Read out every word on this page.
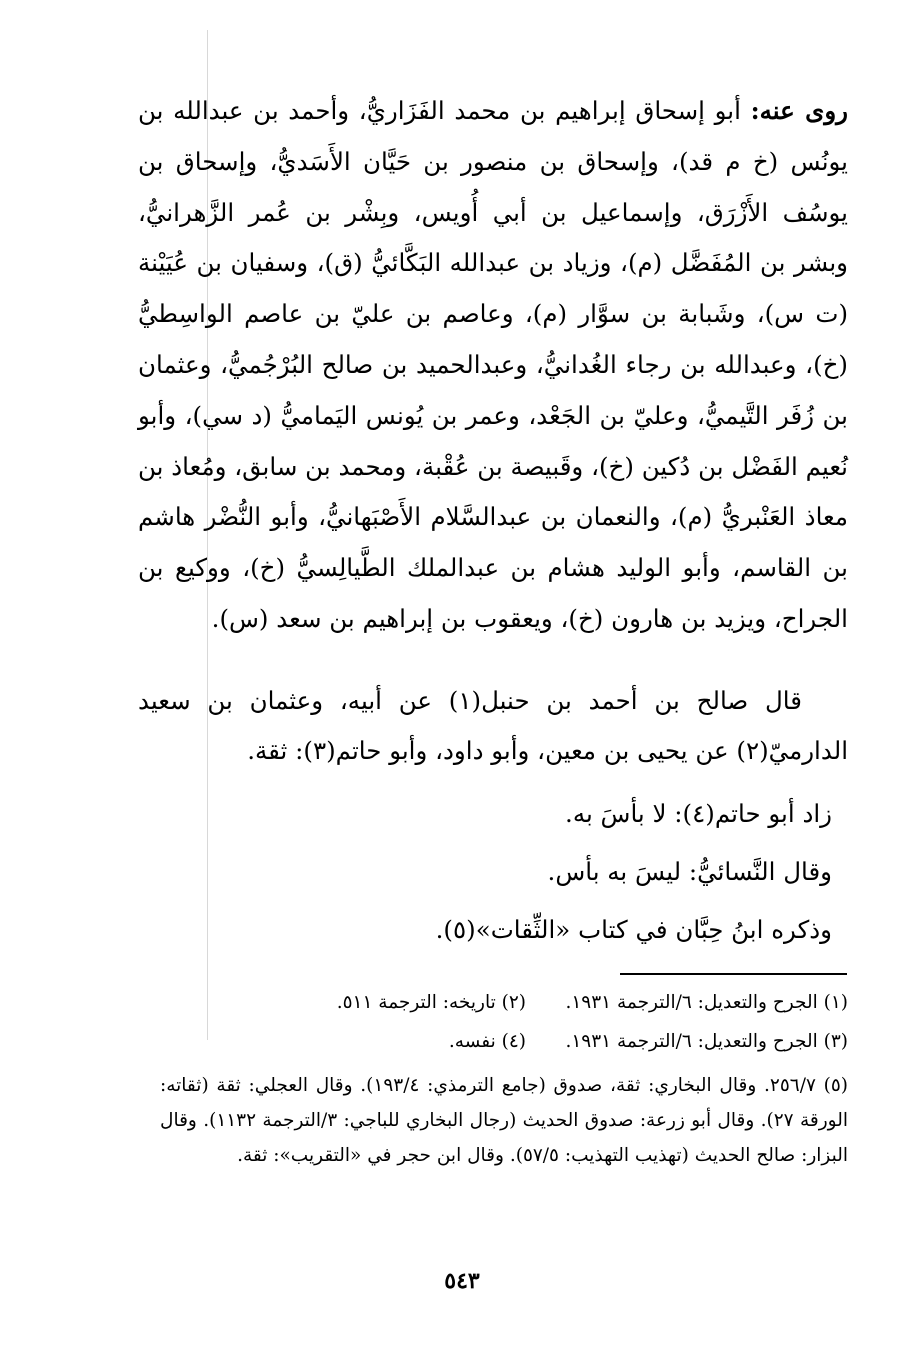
روى عنه: أبو إسحاق إبراهيم بن محمد الفَزَاريُّ، وأحمد بن عبدالله بن يونُس (خ م قد)، وإسحاق بن منصور بن حَيَّان الأَسَديُّ، وإسحاق بن يوسُف الأَزْرَق، وإسماعيل بن أبي أُويس، وبِشْر بن عُمر الزَّهرانيُّ، وبشر بن المُفَضَّل (م)، وزياد بن عبدالله البَكَّائيُّ (ق)، وسفيان بن عُيَيْنة (ت س)، وشَبابة بن سوَّار (م)، وعاصم بن عليّ بن عاصم الواسِطيُّ (خ)، وعبدالله بن رجاء الغُدانيُّ، وعبدالحميد بن صالح البُرْجُميُّ، وعثمان بن زُفَر التَّيميُّ، وعليّ بن الجَعْد، وعمر بن يُونس اليَماميُّ (د سي)، وأبو نُعيم الفَضْل بن دُكين (خ)، وقَبيصة بن عُقْبة، ومحمد بن سابق، ومُعاذ بن معاذ العَنْبريُّ (م)، والنعمان بن عبدالسَّلام الأَصْبَهانيُّ، وأبو النُّضْر هاشم بن القاسم، وأبو الوليد هشام بن عبدالملك الطَّيالِسيُّ (خ)، ووكيع بن الجراح، ويزيد بن هارون (خ)، ويعقوب بن إبراهيم بن سعد (س).
قال صالح بن أحمد بن حنبل(١) عن أبيه، وعثمان بن سعيد الدارميّ(٢) عن يحيى بن معين، وأبو داود، وأبو حاتم(٣): ثقة.
زاد أبو حاتم(٤): لا بأسَ به.
وقال النَّسائيُّ: ليسَ به بأس.
وذكره ابنُ حِبَّان في كتاب «الثِّقات»(٥).
(١) الجرح والتعديل: ٦/الترجمة ١٩٣١.
(٢) تاريخه: الترجمة ٥١١.
(٣) الجرح والتعديل: ٦/الترجمة ١٩٣١.
(٤) نفسه.
(٥) ٢٥٦/٧. وقال البخاري: ثقة، صدوق (جامع الترمذي: ١٩٣/٤). وقال العجلي: ثقة (ثقاته: الورقة ٢٧). وقال أبو زرعة: صدوق الحديث (رجال البخاري للباجي: ٣/الترجمة ١١٣٢). وقال البزار: صالح الحديث (تهذيب التهذيب: ٥٧/٥). وقال ابن حجر في «التقريب»: ثقة.
٥٤٣
